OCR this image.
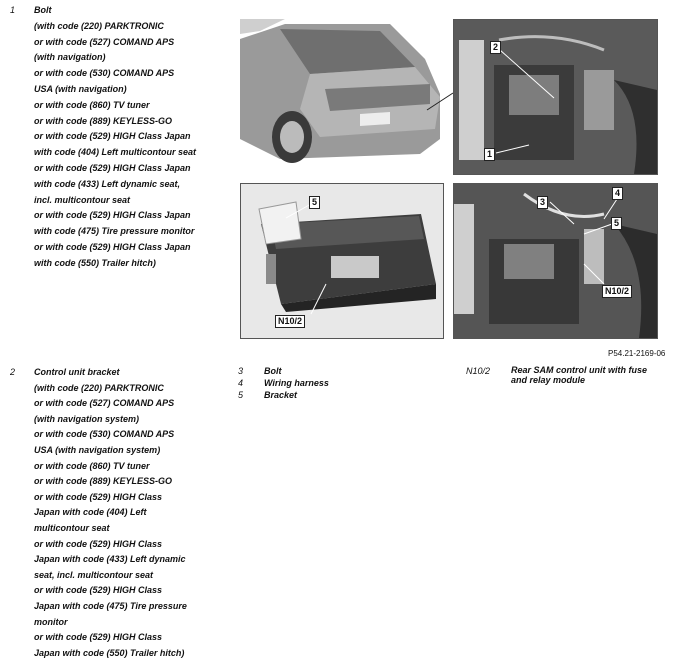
1 Bolt
(with code (220) PARKTRONIC
or with code (527) COMAND APS
(with navigation)
or with code (530) COMAND APS
USA (with navigation)
or with code (860) TV tuner
or with code (889) KEYLESS-GO
or with code (529) HIGH Class Japan
with code (404) Left multicontour seat
or with code (529) HIGH Class Japan
with code (433) Left dynamic seat,
incl. multicontour seat
or with code (529) HIGH Class Japan
with code (475) Tire pressure monitor
or with code (529) HIGH Class Japan
with code (550) Trailer hitch)
2
1
5
N10/2
3
4
5
N10/2
P54.21-2169-06
2 Control unit bracket
(with code (220) PARKTRONIC
or with code (527) COMAND APS
(with navigation system)
or with code (530) COMAND APS
USA (with navigation system)
or with code (860) TV tuner
or with code (889) KEYLESS-GO
or with code (529) HIGH Class
Japan with code (404) Left
multicontour seat
or with code (529) HIGH Class
Japan with code (433) Left dynamic
seat, incl. multicontour seat
or with code (529) HIGH Class
Japan with code (475) Tire pressure
monitor
or with code (529) HIGH Class
Japan with code (550) Trailer hitch)
3	Bolt
4	Wiring harness
5	Bracket
N10/2 Rear SAM control unit with fuse
and relay module
